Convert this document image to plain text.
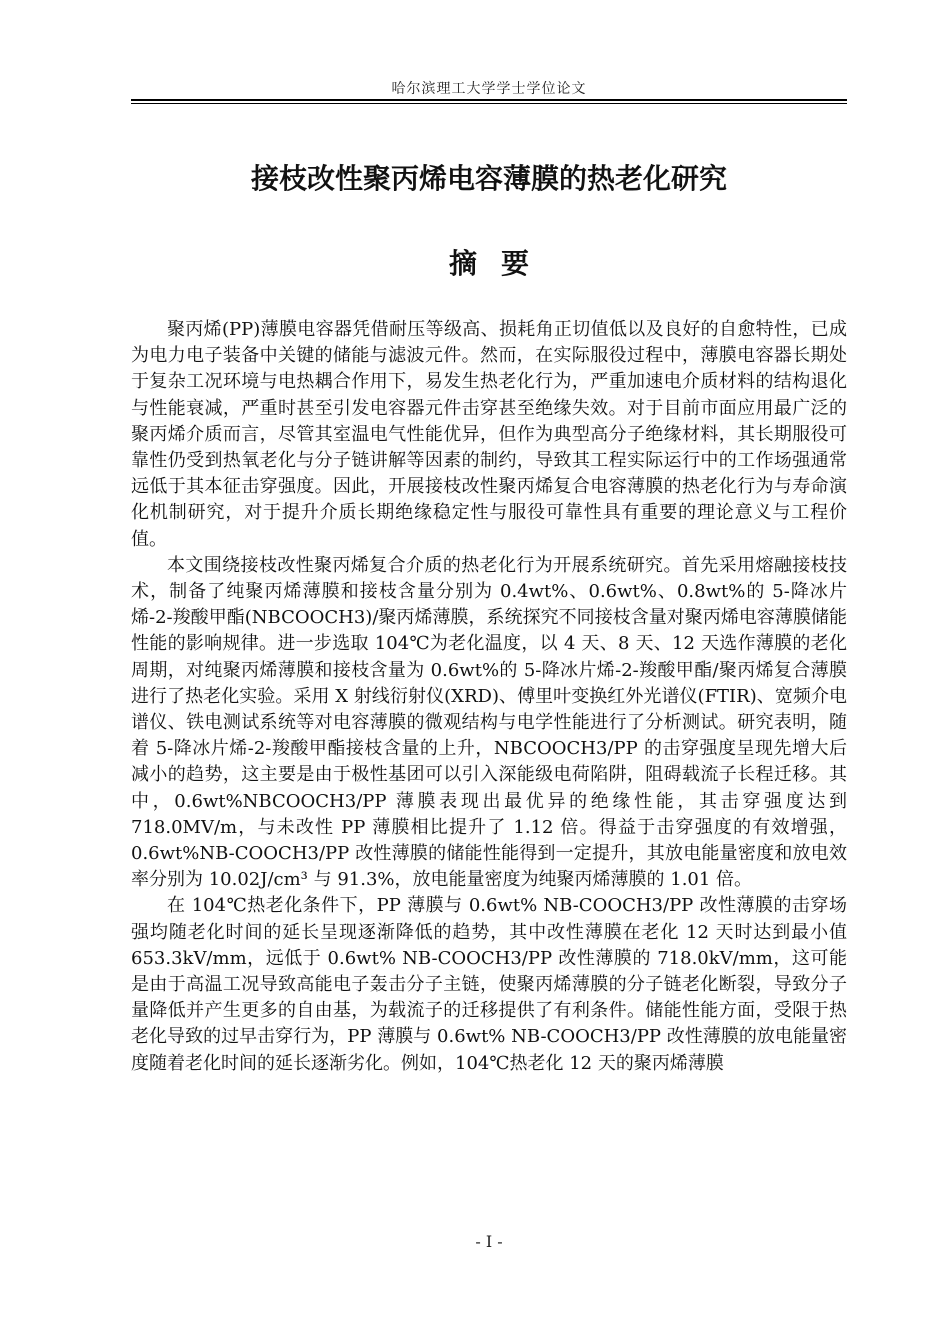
哈尔滨理工大学学士学位论文
接枝改性聚丙烯电容薄膜的热老化研究
摘要

聚丙烯(PP)薄膜电容器凭借耐压等级高、损耗角正切值低以及良好的自愈特性，已成为电力电子装备中关键的储能与滤波元件。然而，在实际服役过程中，薄膜电容器长期处于复杂工况环境与电热耦合作用下，易发生热老化行为，严重加速电介质材料的结构退化与性能衰减，严重时甚至引发电容器元件击穿甚至绝缘失效。对于目前市面应用最广泛的聚丙烯介质而言，尽管其室温电气性能优异，但作为典型高分子绝缘材料，其长期服役可靠性仍受到热氧老化与分子链讲解等因素的制约，导致其工程实际运行中的工作场强通常远低于其本征击穿强度。因此，开展接枝改性聚丙烯复合电容薄膜的热老化行为与寿命演化机制研究，对于提升介质长期绝缘稳定性与服役可靠性具有重要的理论意义与工程价值。

本文围绕接枝改性聚丙烯复合介质的热老化行为开展系统研究。首先采用熔融接枝技术，制备了纯聚丙烯薄膜和接枝含量分别为 0.4wt%、0.6wt%、0.8wt%的 5-降冰片烯-2-羧酸甲酯(NBCOOCH3)/聚丙烯薄膜，系统探究不同接枝含量对聚丙烯电容薄膜储能性能的影响规律。进一步选取 104℃为老化温度，以 4 天、8 天、12 天选作薄膜的老化周期，对纯聚丙烯薄膜和接枝含量为 0.6wt%的 5-降冰片烯-2-羧酸甲酯/聚丙烯复合薄膜进行了热老化实验。采用 X 射线衍射仪(XRD)、傅里叶变换红外光谱仪(FTIR)、宽频介电谱仪、铁电测试系统等对电容薄膜的微观结构与电学性能进行了分析测试。研究表明，随着 5-降冰片烯-2-羧酸甲酯接枝含量的上升，NBCOOCH3/PP 的击穿强度呈现先增大后减小的趋势，这主要是由于极性基团可以引入深能级电荷陷阱，阻碍载流子长程迁移。其中，0.6wt%NBCOOCH3/PP 薄膜表现出最优异的绝缘性能，其击穿强度达到 718.0MV/m，与未改性 PP 薄膜相比提升了 1.12 倍。得益于击穿强度的有效增强，0.6wt%NB-COOCH3/PP 改性薄膜的储能性能得到一定提升，其放电能量密度和放电效率分别为 10.02J/cm³ 与 91.3%，放电能量密度为纯聚丙烯薄膜的 1.01 倍。

在 104℃热老化条件下，PP 薄膜与 0.6wt% NB-COOCH3/PP 改性薄膜的击穿场强均随老化时间的延长呈现逐渐降低的趋势，其中改性薄膜在老化 12 天时达到最小值 653.3kV/mm，远低于 0.6wt% NB-COOCH3/PP 改性薄膜的 718.0kV/mm，这可能是由于高温工况导致高能电子轰击分子主链，使聚丙烯薄膜的分子链老化断裂，导致分子量降低并产生更多的自由基，为载流子的迁移提供了有利条件。储能性能方面，受限于热老化导致的过早击穿行为，PP 薄膜与 0.6wt% NB-COOCH3/PP 改性薄膜的放电能量密度随着老化时间的延长逐渐劣化。例如，104℃热老化 12 天的聚丙烯薄膜

- I -
